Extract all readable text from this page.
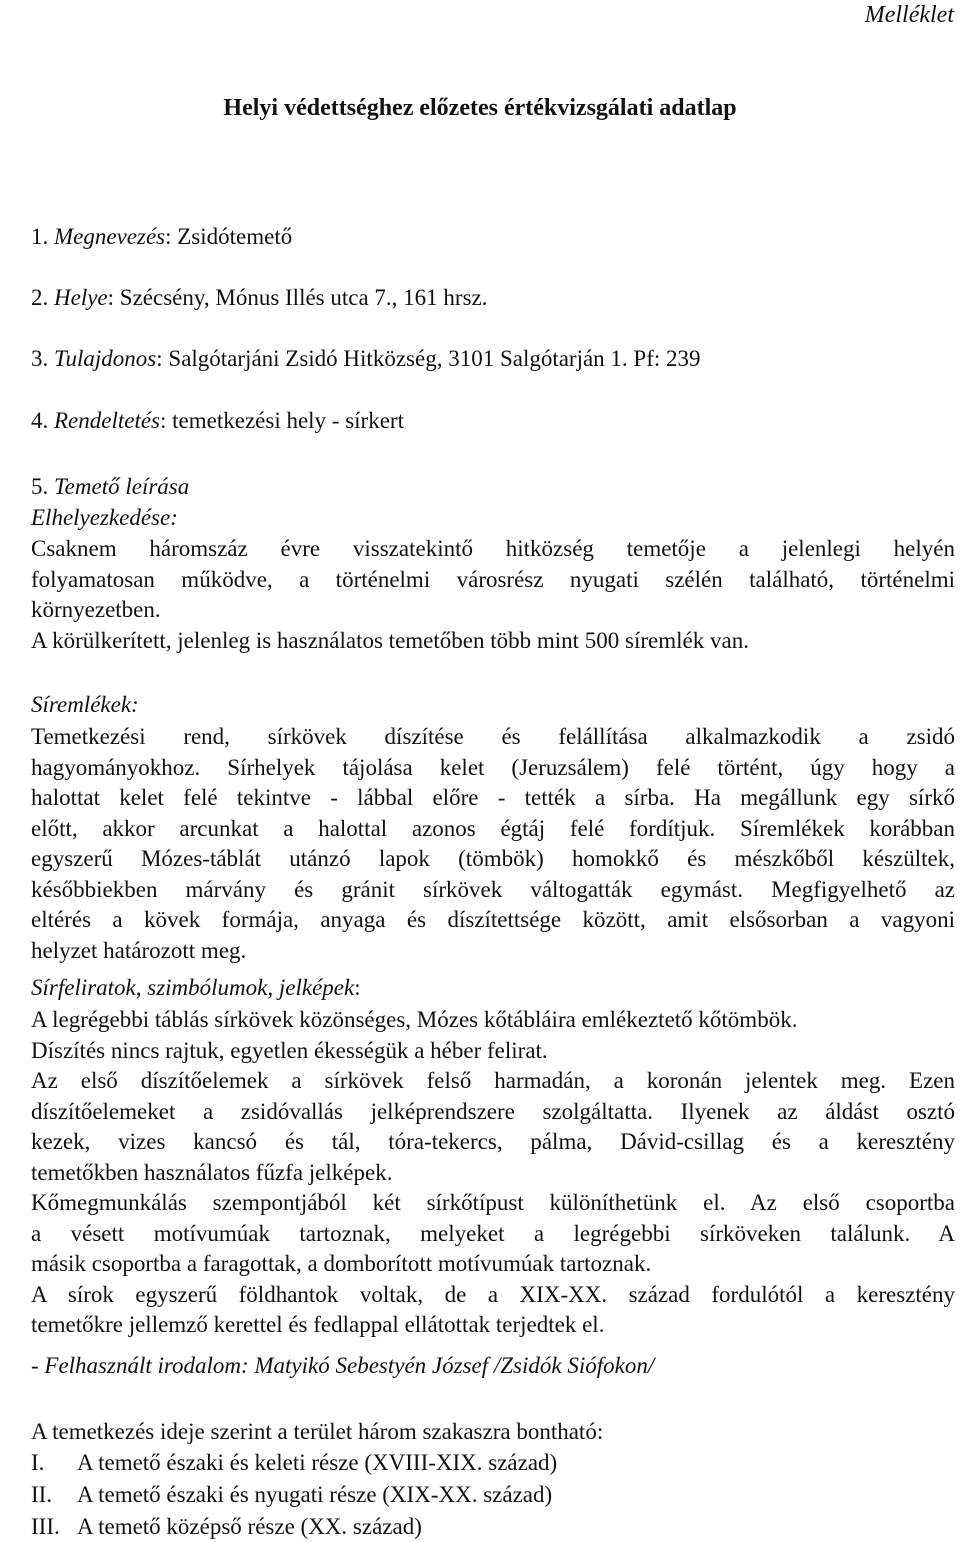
Melléklet
Helyi védettséghez előzetes értékvizsgálati adatlap
1. Megnevezés: Zsidótemető
2. Helye: Szécsény, Mónus Illés utca 7., 161 hrsz.
3. Tulajdonos: Salgótarjáni Zsidó Hitközség, 3101 Salgótarján 1. Pf: 239
4. Rendeltetés: temetkezési hely - sírkert
5. Temető leírása
Elhelyezkedése:
Csaknem háromszáz évre visszatekintő hitközség temetője a jelenlegi helyén
folyamatosan működve, a történelmi városrész nyugati szélén található, történelmi
környezetben.
A körülkerített, jelenleg is használatos temetőben több mint 500 síremlék van.
Síremlékek:
Temetkezési rend, sírkövek díszítése és felállítása alkalmazkodik a zsidó
hagyományokhoz. Sírhelyek tájolása kelet (Jeruzsálem) felé történt, úgy hogy a
halottat kelet felé tekintve - lábbal előre - tették a sírba. Ha megállunk egy sírkő
előtt, akkor arcunkat a halottal azonos égtáj felé fordítjuk. Síremlékek korábban
egyszerű Mózes-táblát utánzó lapok (tömbök) homokkő és mészkőből készültek,
későbbiekben márvány és gránit sírkövek váltogatták egymást. Megfigyelhető az
eltérés a kövek formája, anyaga és díszítettsége között, amit elsősorban a vagyoni
helyzet határozott meg.
Sírfeliratok, szimbólumok, jelképek:
A legrégebbi táblás sírkövek közönséges, Mózes kőtábláira emlékeztető kőtömbök.
Díszítés nincs rajtuk, egyetlen ékességük a héber felirat.
Az első díszítőelemek a sírkövek felső harmadán, a koronán jelentek meg. Ezen
díszítőelemeket a zsidóvallás jelképrendszere szolgáltatta. Ilyenek az áldást osztó
kezek, vizes kancsó és tál, tóra-tekercs, pálma, Dávid-csillag és a keresztény
temetőkben használatos fűzfa jelképek.
Kőmegmunkálás szempontjából két sírkőtípust különíthetünk el. Az első csoportba
a vésett motívumúak tartoznak, melyeket a legrégebbi sírköveken találunk. A
másik csoportba a faragottak, a domborított motívumúak tartoznak.
A sírok egyszerű földhantok voltak, de a XIX-XX. század fordulótól a keresztény
temetőkre jellemző kerettel és fedlappal ellátottak terjedtek el.
- Felhasznált irodalom: Matyikó Sebestyén József /Zsidók Siófokon/
A temetkezés ideje szerint a terület három szakaszra bontható:
I. A temető északi és keleti része (XVIII-XIX. század)
II. A temető északi és nyugati része (XIX-XX. század)
III. A temető középső része (XX. század)
